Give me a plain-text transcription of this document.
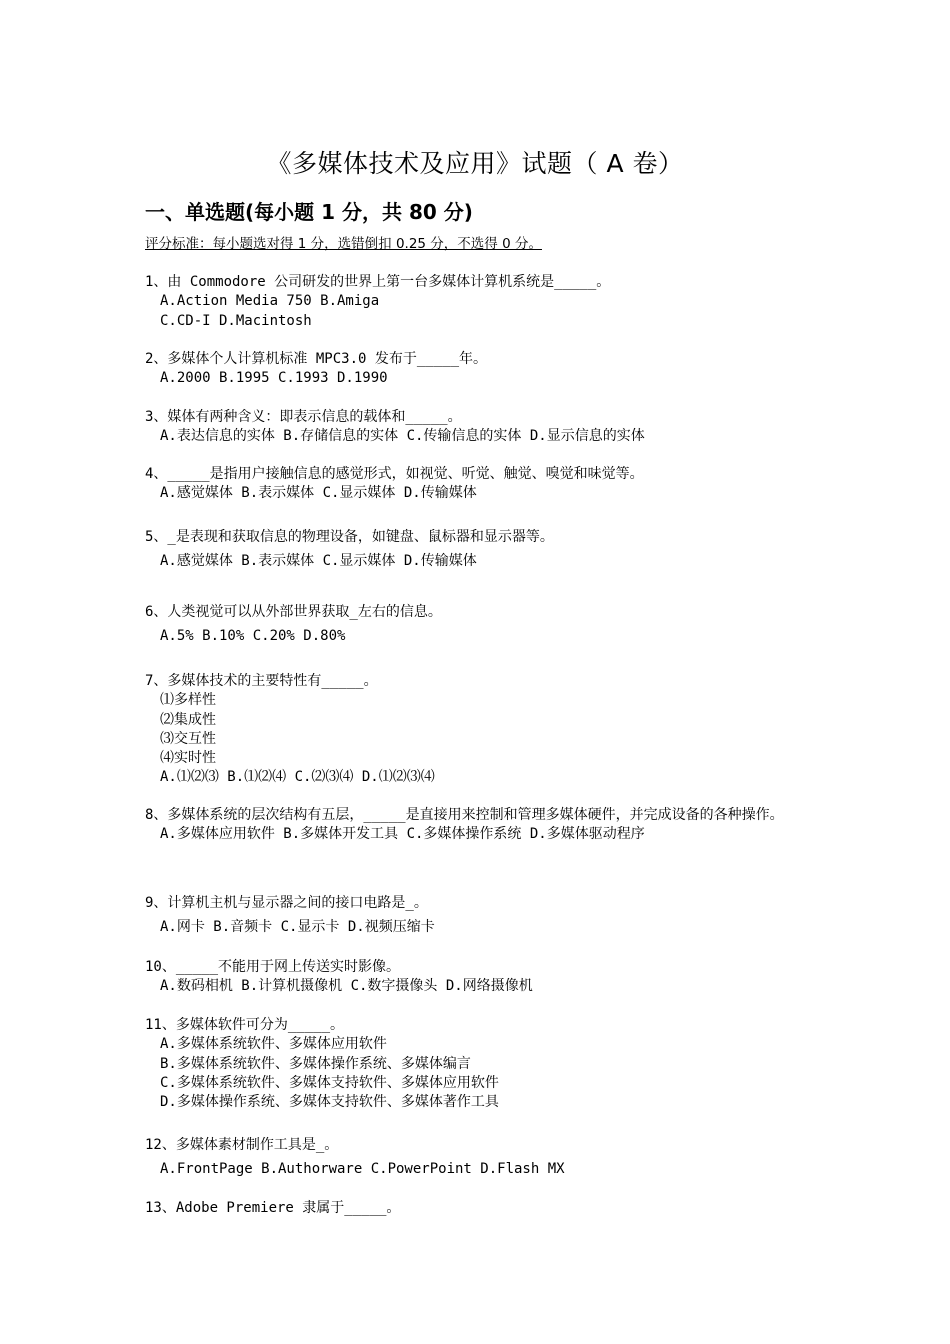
《多媒体技术及应用》试题（ A 卷）
一、单选题(每小题 1 分，共 80 分)
评分标准：每小题选对得 1 分，选错倒扣 0.25 分，不选得 0 分。
1、由 Commodore 公司研发的世界上第一台多媒体计算机系统是_____。
A.Action Media 750 B.Amiga
C.CD-I D.Macintosh
2、多媒体个人计算机标准 MPC3.0 发布于_____年。
A.2000 B.1995 C.1993 D.1990
3、媒体有两种含义：即表示信息的载体和_____。
A.表达信息的实体 B.存储信息的实体 C.传输信息的实体 D.显示信息的实体
4、_____是指用户接触信息的感觉形式，如视觉、听觉、触觉、嗅觉和味觉等。
A.感觉媒体 B.表示媒体 C.显示媒体 D.传输媒体
5、_是表现和获取信息的物理设备，如键盘、鼠标器和显示器等。
A.感觉媒体 B.表示媒体 C.显示媒体 D.传输媒体
6、人类视觉可以从外部世界获取_左右的信息。
A.5% B.10% C.20% D.80%
7、多媒体技术的主要特性有_____。
⑴多样性
⑵集成性
⑶交互性
⑷实时性
A.⑴⑵⑶ B.⑴⑵⑷ C.⑵⑶⑷ D.⑴⑵⑶⑷
8、多媒体系统的层次结构有五层，_____是直接用来控制和管理多媒体硬件，并完成设备的各种操作。
A.多媒体应用软件 B.多媒体开发工具 C.多媒体操作系统 D.多媒体驱动程序
9、计算机主机与显示器之间的接口电路是_。
A.网卡 B.音频卡 C.显示卡 D.视频压缩卡
10、_____不能用于网上传送实时影像。
A.数码相机 B.计算机摄像机 C.数字摄像头 D.网络摄像机
11、多媒体软件可分为_____。
A.多媒体系统软件、多媒体应用软件
B.多媒体系统软件、多媒体操作系统、多媒体编言
C.多媒体系统软件、多媒体支持软件、多媒体应用软件
D.多媒体操作系统、多媒体支持软件、多媒体著作工具
12、多媒体素材制作工具是_。
A.FrontPage B.Authorware C.PowerPoint D.Flash MX
13、Adobe Premiere 隶属于_____。
